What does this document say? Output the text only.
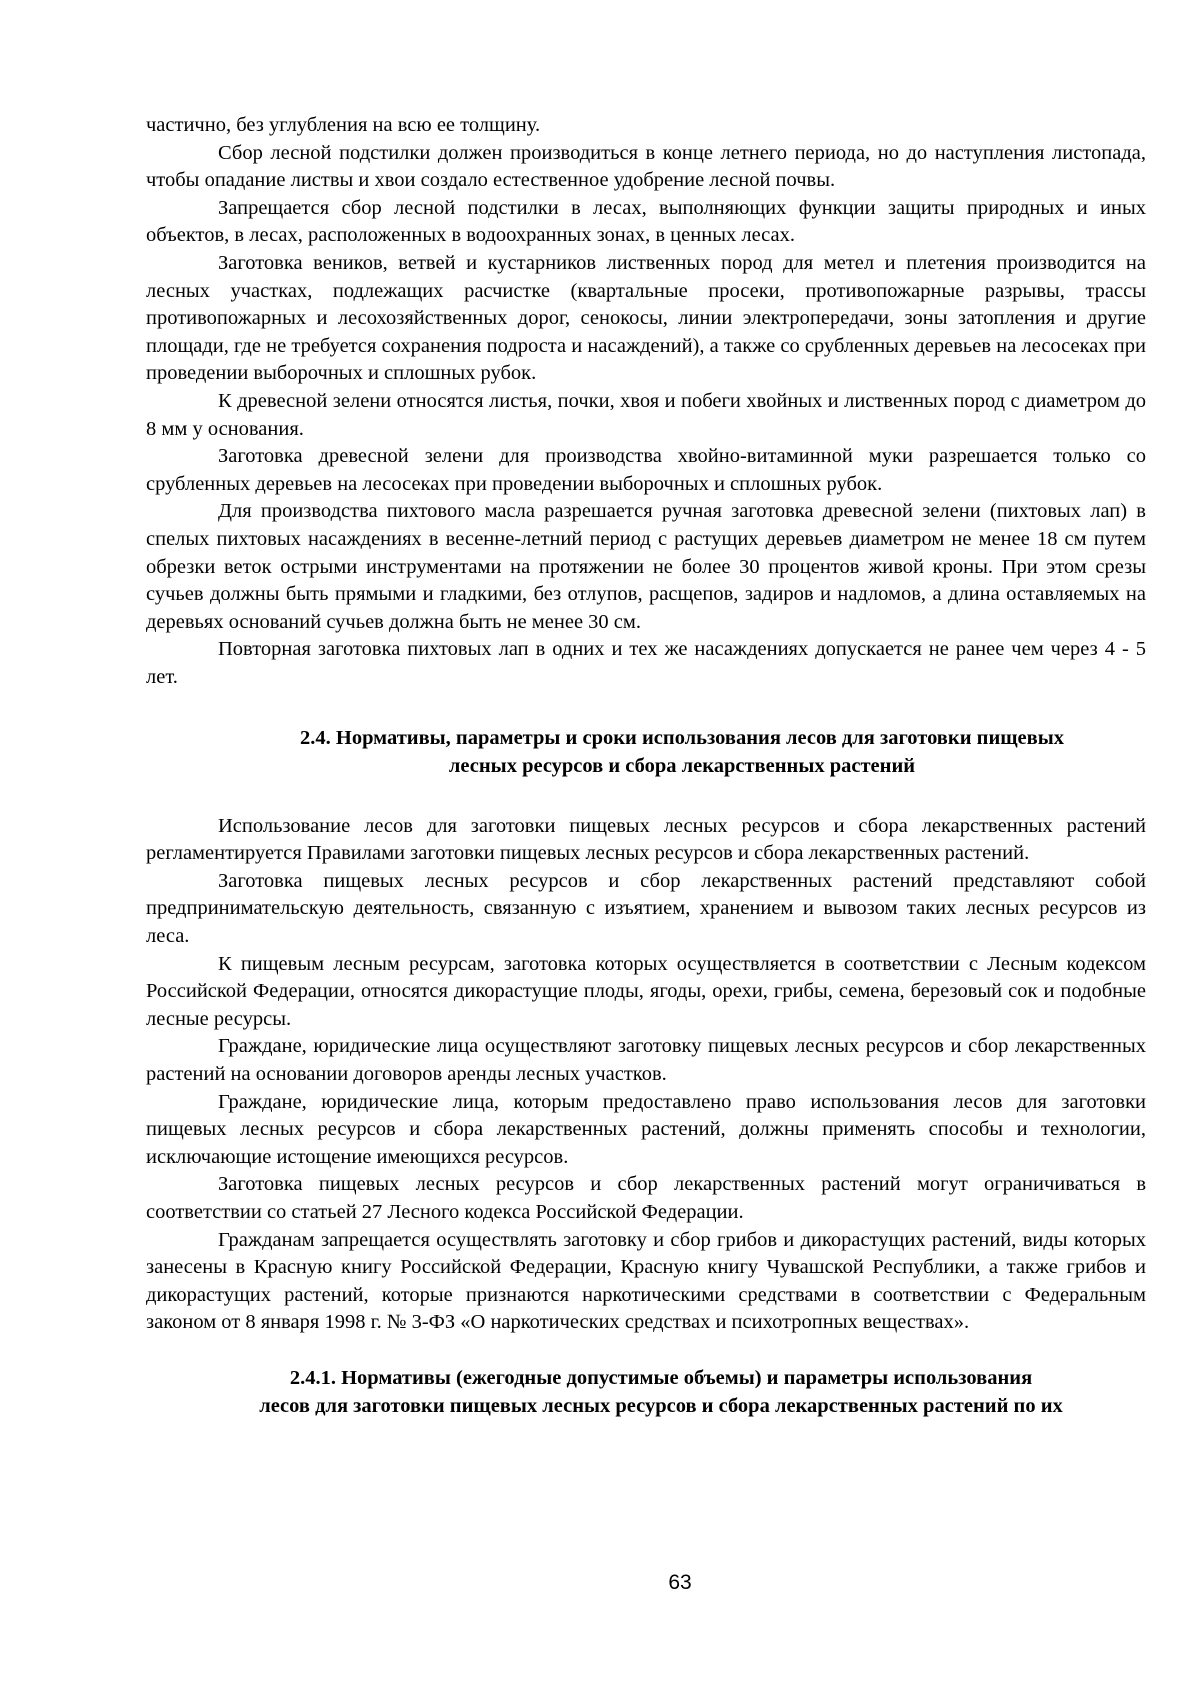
частично, без углубления на всю ее толщину.

Сбор лесной подстилки должен производиться в конце летнего периода, но до наступления листопада, чтобы опадание листвы и хвои создало естественное удобрение лесной почвы.

Запрещается сбор лесной подстилки в лесах, выполняющих функции защиты природных и иных объектов, в лесах, расположенных в водоохранных зонах, в ценных лесах.

Заготовка веников, ветвей и кустарников лиственных пород для метел и плетения производится на лесных участках, подлежащих расчистке (квартальные просеки, противопожарные разрывы, трассы противопожарных и лесохозяйственных дорог, сенокосы, линии электропередачи, зоны затопления и другие площади, где не требуется сохранения подроста и насаждений), а также со срубленных деревьев на лесосеках при проведении выборочных и сплошных рубок.

К древесной зелени относятся листья, почки, хвоя и побеги хвойных и лиственных пород с диаметром до 8 мм у основания.

Заготовка древесной зелени для производства хвойно-витаминной муки разрешается только со срубленных деревьев на лесосеках при проведении выборочных и сплошных рубок.

Для производства пихтового масла разрешается ручная заготовка древесной зелени (пихтовых лап) в спелых пихтовых насаждениях в весенне-летний период с растущих деревьев диаметром не менее 18 см путем обрезки веток острыми инструментами на протяжении не более 30 процентов живой кроны. При этом срезы сучьев должны быть прямыми и гладкими, без отлупов, расщепов, задиров и надломов, а длина оставляемых на деревьях оснований сучьев должна быть не менее 30 см.

Повторная заготовка пихтовых лап в одних и тех же насаждениях допускается не ранее чем через 4 - 5 лет.

2.4. Нормативы, параметры и сроки использования лесов для заготовки пищевых
лесных ресурсов и сбора лекарственных растений

Использование лесов для заготовки пищевых лесных ресурсов и сбора лекарственных растений регламентируется Правилами заготовки пищевых лесных ресурсов и сбора лекарственных растений.

Заготовка пищевых лесных ресурсов и сбор лекарственных растений представляют собой предпринимательскую деятельность, связанную с изъятием, хранением и вывозом таких лесных ресурсов из леса.

К пищевым лесным ресурсам, заготовка которых осуществляется в соответствии с Лесным кодексом Российской Федерации, относятся дикорастущие плоды, ягоды, орехи, грибы, семена, березовый сок и подобные лесные ресурсы.

Граждане, юридические лица осуществляют заготовку пищевых лесных ресурсов и сбор лекарственных растений на основании договоров аренды лесных участков.

Граждане, юридические лица, которым предоставлено право использования лесов для заготовки пищевых лесных ресурсов и сбора лекарственных растений, должны применять способы и технологии, исключающие истощение имеющихся ресурсов.

Заготовка пищевых лесных ресурсов и сбор лекарственных растений могут ограничиваться в соответствии со статьей 27 Лесного кодекса Российской Федерации.

Гражданам запрещается осуществлять заготовку и сбор грибов и дикорастущих растений, виды которых занесены в Красную книгу Российской Федерации, Красную книгу Чувашской Республики, а также грибов и дикорастущих растений, которые признаются наркотическими средствами в соответствии с Федеральным законом от 8 января 1998 г. № 3-ФЗ «О наркотических средствах и психотропных веществах».

2.4.1. Нормативы (ежегодные допустимые объемы) и параметры использования
лесов для заготовки пищевых лесных ресурсов и сбора лекарственных растений по их
63
